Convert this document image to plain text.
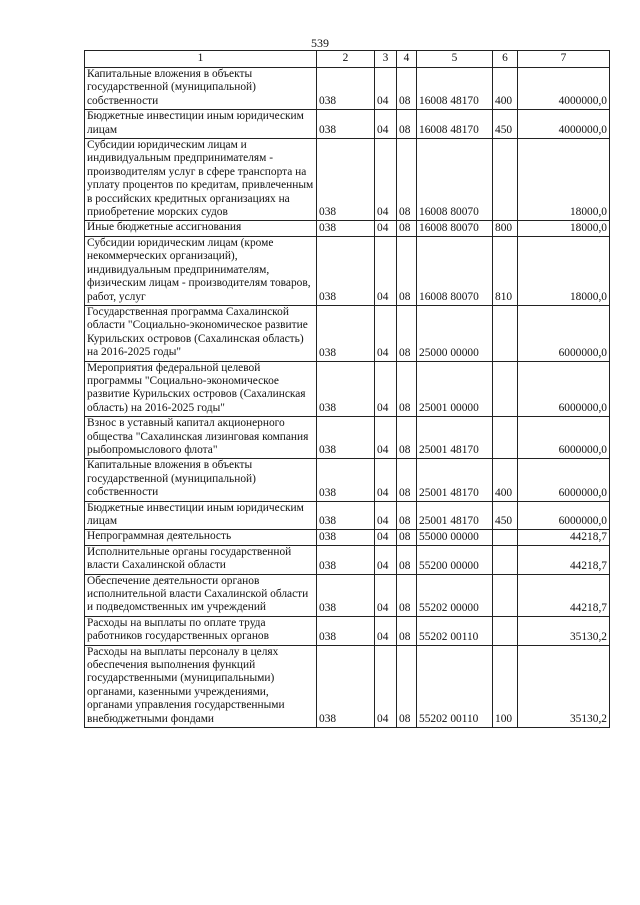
539
1	2	3	4	5	6	7
Капитальные вложения в объекты государственной (муниципальной) собственности	038	04	08	16008 48170	400	4000000,0
Бюджетные инвестиции иным юридическим лицам	038	04	08	16008 48170	450	4000000,0
Субсидии юридическим лицам и индивидуальным предпринимателям - производителям услуг в сфере транспорта на уплату процентов по кредитам, привлеченным в российских кредитных организациях на приобретение морских судов	038	04	08	16008 80070		18000,0
Иные бюджетные ассигнования	038	04	08	16008 80070	800	18000,0
Субсидии юридическим лицам (кроме некоммерческих организаций), индивидуальным предпринимателям, физическим лицам - производителям товаров, работ, услуг	038	04	08	16008 80070	810	18000,0
Государственная программа Сахалинской области "Социально-экономическое развитие Курильских островов (Сахалинская область) на 2016-2025 годы"	038	04	08	25000 00000		6000000,0
Мероприятия федеральной целевой программы "Социально-экономическое развитие Курильских островов (Сахалинская область) на 2016-2025 годы"	038	04	08	25001 00000		6000000,0
Взнос в уставный капитал акционерного общества "Сахалинская лизинговая компания рыбопромыслового флота"	038	04	08	25001 48170		6000000,0
Капитальные вложения в объекты государственной (муниципальной) собственности	038	04	08	25001 48170	400	6000000,0
Бюджетные инвестиции иным юридическим лицам	038	04	08	25001 48170	450	6000000,0
Непрограммная деятельность	038	04	08	55000 00000		44218,7
Исполнительные органы государственной власти Сахалинской области	038	04	08	55200 00000		44218,7
Обеспечение деятельности органов исполнительной власти Сахалинской области и подведомственных им учреждений	038	04	08	55202 00000		44218,7
Расходы на выплаты по оплате труда работников государственных органов	038	04	08	55202 00110		35130,2
Расходы на выплаты персоналу в целях обеспечения выполнения функций государственными (муниципальными) органами, казенными учреждениями, органами управления государственными внебюджетными фондами	038	04	08	55202 00110	100	35130,2
